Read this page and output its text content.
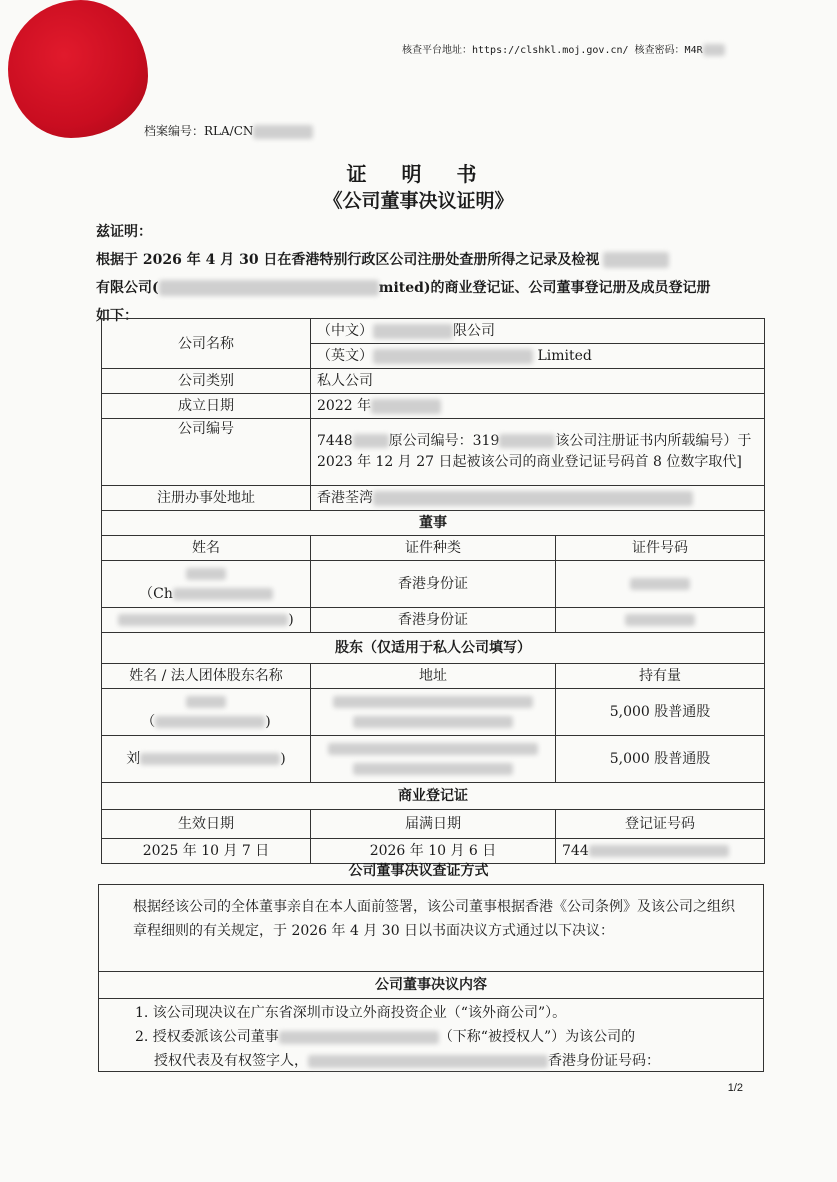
核查平台地址：https://clshkl.moj.gov.cn/ 核查密码：M4R
档案编号：RLA/CN
证 明 书
《公司董事决议证明》

兹证明：

根据于 2026 年 4 月 30 日在香港特别行政区公司注册处查册所得之记录及检视

有限公司(	mited)的商业登记证、公司董事登记册及成员登记册

如下：

公司名称	（中文） 限公司	
	（英文） Limited	
公司类别	私人公司	
成立日期	2022 年	
公司编号	7448 原公司编号：319 该公司注册证书内所载编号）于 2023 年 12 月 27 日起被该公司的商业登记证号码首 8 位数字取代]	
注册办事处地址	香港荃湾	
董事		
姓名	证件种类	证件号码

（Ch	香港身份证	
)	香港身份证	
股东（仅适用于私人公司填写）		
姓名 / 法人团体股东名称	地址	持有量

（ )		5,000 股普通股
刘 )		5,000 股普通股
商业登记证		
生效日期	届满日期	登记证号码
2025 年 10 月 7 日	2026 年 10 月 6 日	744
公司董事决议查证方式
根据经该公司的全体董事亲自在本人面前签署，该公司董事根据香港《公司条例》及该公司之组织章程细则的有关规定，于 2026 年 4 月 30 日以书面决议方式通过以下决议：
公司董事决议内容
1. 该公司现决议在广东省深圳市设立外商投资企业（“该外商公司”）。
2. 授权委派该公司董事	（下称“被授权人”）为该公司的
授权代表及有权签字人，	香港身份证号码：
1/2
